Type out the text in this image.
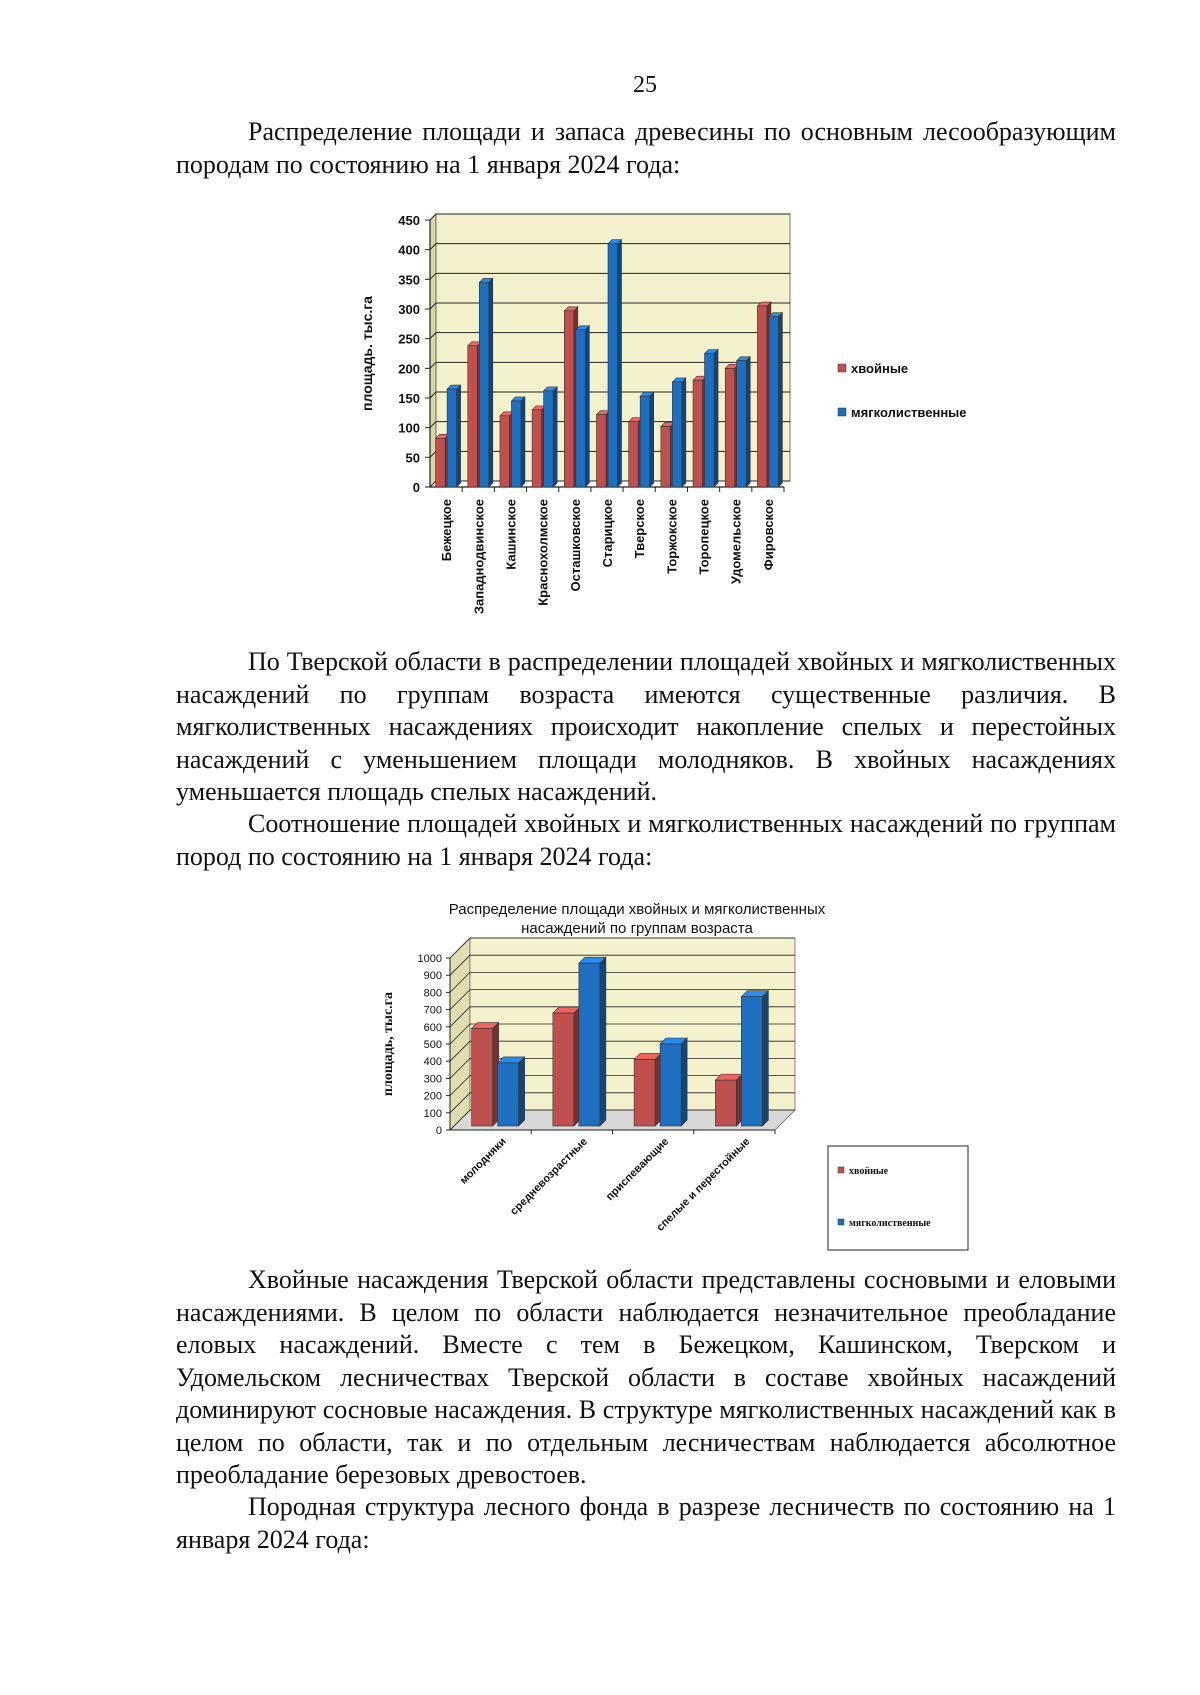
25

Распределение площади и запаса древесины по основным лесообразующим породам по состоянию на 1 января 2024 года:

0
50
100
150
200
250
300
350
400
450
площадь. тыс.га
Бежецкое Западнодвинское Кашинское Краснохолмское Осташковское Старицкое Тверское Торжокское Торопецкое Удомельское Фировское
хвойные
мягколиственные

По Тверской области в распределении площадей хвойных и мягколиственных насаждений по группам возраста имеются существенные различия. В мягколиственных насаждениях происходит накопление спелых и перестойных насаждений с уменьшением площади молодняков. В хвойных насаждениях уменьшается площадь спелых насаждений.

Соотношение площадей хвойных и мягколиственных насаждений по группам пород по состоянию на 1 января 2024 года:

Распределение площади хвойных и мягколиственных
насаждений по группам возраста
0
100
200
300
400
500
600
700
800
900
1000
площадь, тыс.га
молодняки средневозрастные приспевающие
спелые и перестойные	хвойные
мягколиственные

Хвойные насаждения Тверской области представлены сосновыми и еловыми насаждениями. В целом по области наблюдается незначительное преобладание еловых насаждений. Вместе с тем в Бежецком, Кашинском, Тверском и Удомельском лесничествах Тверской области в составе хвойных насаждений доминируют сосновые насаждения. В структуре мягколиственных насаждений как в целом по области, так и по отдельным лесничествам наблюдается абсолютное преобладание березовых древостоев.

Породная структура лесного фонда в разрезе лесничеств по состоянию на 1 января 2024 года:
